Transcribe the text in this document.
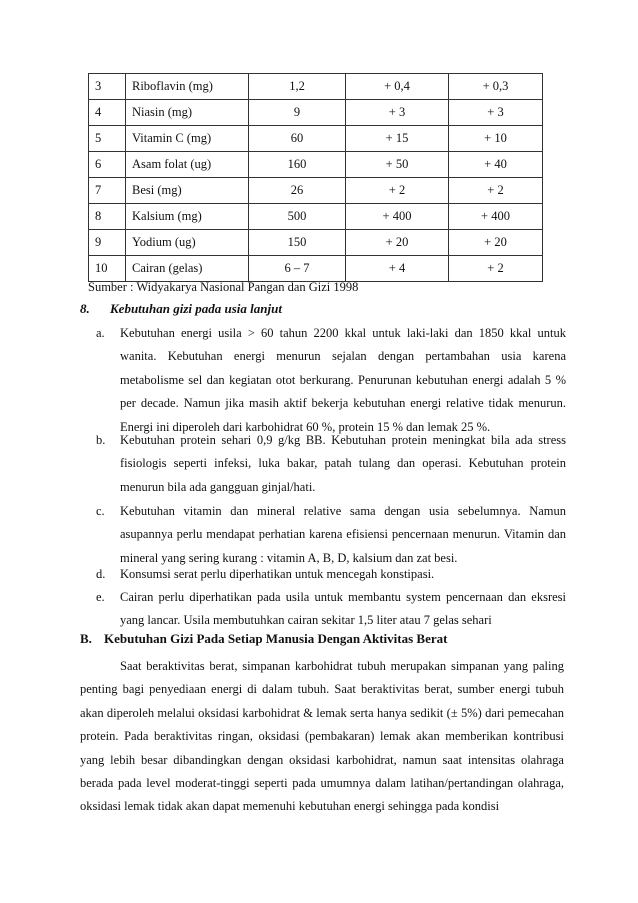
3	Riboflavin (mg)	1,2	+ 0,4	+ 0,3
4	Niasin (mg)	9	+ 3	+ 3
5	Vitamin C (mg)	60	+ 15	+ 10
6	Asam folat (ug)	160	+ 50	+ 40
7	Besi (mg)	26	+ 2	+ 2
8	Kalsium (mg)	500	+ 400	+ 400
9	Yodium (ug)	150	+ 20	+ 20
10	Cairan (gelas)	6 – 7	+ 4	+ 2
Sumber : Widyakarya Nasional Pangan dan Gizi 1998
8. Kebutuhan gizi pada usia lanjut
a.	Kebutuhan energi usila > 60 tahun 2200 kkal untuk laki-laki dan 1850 kkal untuk wanita. Kebutuhan energi menurun sejalan dengan pertambahan usia karena metabolisme sel dan kegiatan otot berkurang. Penurunan kebutuhan energi adalah 5 % per decade. Namun jika masih aktif bekerja kebutuhan energi relative tidak menurun. Energi ini diperoleh dari karbohidrat 60 %, protein 15 % dan lemak 25 %.
b.	Kebutuhan protein sehari 0,9 g/kg BB. Kebutuhan protein meningkat bila ada stress fisiologis seperti infeksi, luka bakar, patah tulang dan operasi. Kebutuhan protein menurun bila ada gangguan ginjal/hati.
c.	Kebutuhan vitamin dan mineral relative sama dengan usia sebelumnya. Namun asupannya perlu mendapat perhatian karena efisiensi pencernaan menurun. Vitamin dan mineral yang sering kurang : vitamin A, B, D, kalsium dan zat besi.
d.	Konsumsi serat perlu diperhatikan untuk mencegah konstipasi.
e.	Cairan perlu diperhatikan pada usila untuk membantu system pencernaan dan eksresi yang lancar. Usila membutuhkan cairan sekitar 1,5 liter atau 7 gelas sehari
B. Kebutuhan Gizi Pada Setiap Manusia Dengan Aktivitas Berat
Saat beraktivitas berat, simpanan karbohidrat tubuh merupakan simpanan yang paling penting bagi penyediaan energi di dalam tubuh. Saat beraktivitas berat, sumber energi tubuh akan diperoleh melalui oksidasi karbohidrat & lemak serta hanya sedikit (± 5%) dari pemecahan protein. Pada beraktivitas ringan, oksidasi (pembakaran) lemak akan memberikan kontribusi yang lebih besar dibandingkan dengan oksidasi karbohidrat, namun saat intensitas olahraga berada pada level moderat-tinggi seperti pada umumnya dalam latihan/pertandingan olahraga, oksidasi lemak tidak akan dapat memenuhi kebutuhan energi sehingga pada kondisi
